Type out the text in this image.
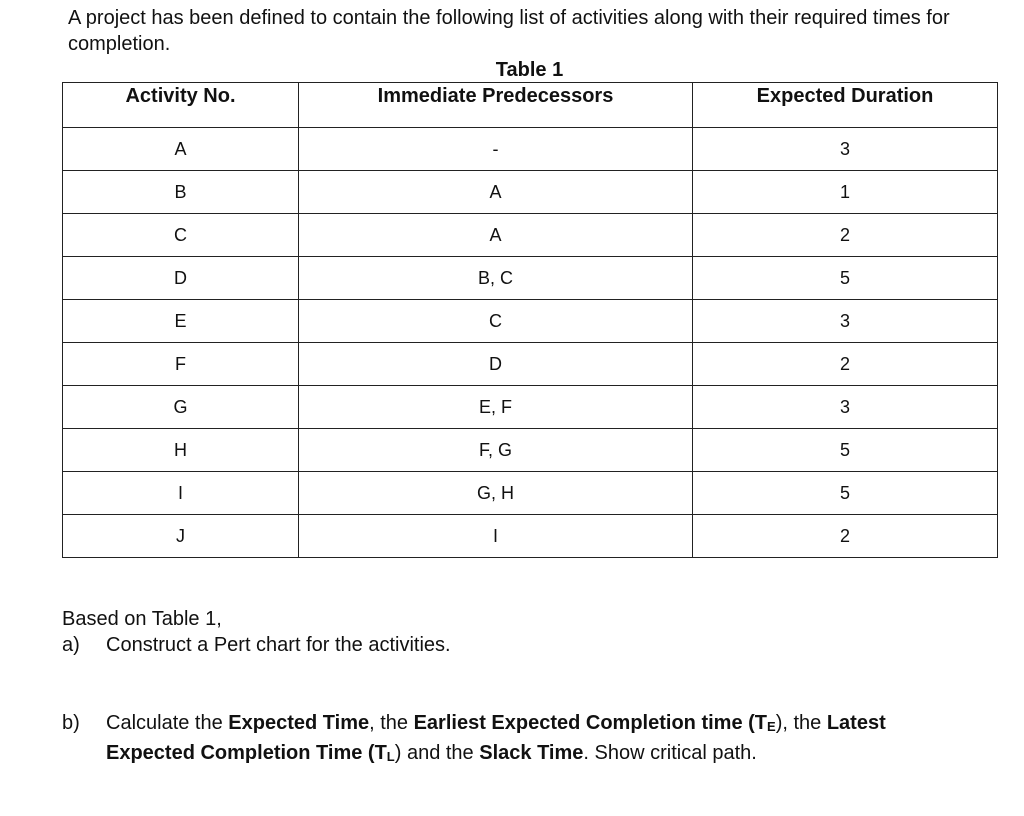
A project has been defined to contain the following list of activities along with their required times for completion.

Table 1
Activity No.	Immediate Predecessors	Expected Duration
A	-	3
B	A	1
C	A	2
D	B, C	5
E	C	3
F	D	2
G	E, F	3
H	F, G	5
I	G, H	5
J	I	2

Based on Table 1,

a)	Construct a Pert chart for the activities.
b)	Calculate the Expected Time, the Earliest Expected Completion time $(T_E)$, the Latest
Expected Completion Time $(T_L)$ and the Slack Time. Show critical path.
